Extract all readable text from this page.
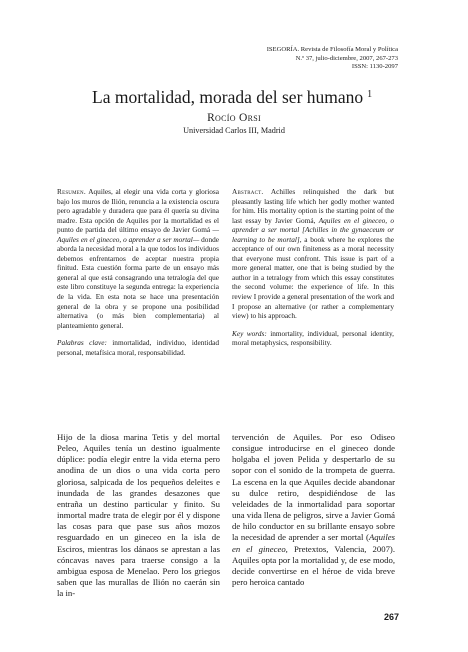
ISEGORÍA. Revista de Filosofía Moral y Política
N.º 37, julio-diciembre, 2007, 267-273
ISSN: 1130-2097
La mortalidad, morada del ser humano $^1$
Rocío Orsi
Universidad Carlos III, Madrid
Resumen. Aquiles, al elegir una vida corta y gloriosa bajo los muros de Ilión, renuncia a la existencia oscura pero agradable y duradera que para él quería su divina madre. Esta opción de Aquiles por la mortalidad es el punto de partida del último ensayo de Javier Gomá —Aquiles en el gineceo, o aprender a ser mortal— donde aborda la necesidad moral a la que todos los individuos debemos enfrentarnos de aceptar nuestra propia finitud. Esta cuestión forma parte de un ensayo más general al que está consagrando una tetralogía del que este libro constituye la segunda entrega: la experiencia de la vida. En esta nota se hace una presentación general de la obra y se propone una posibilidad alternativa (o más bien complementaria) al planteamiento general.
Palabras clave: inmortalidad, individuo, identidad personal, metafísica moral, responsabilidad.
Abstract. Achilles relinquished the dark but pleasantly lasting life which her godly mother wanted for him. His mortality option is the starting point of the last essay by Javier Gomá, Aquiles en el gineceo, o aprender a ser mortal [Achilles in the gynaeceum or learning to be mortal], a book where he explores the acceptance of our own finiteness as a moral necessity that everyone must confront. This issue is part of a more general matter, one that is being studied by the author in a tetralogy from which this essay constitutes the second volume: the experience of life. In this review I provide a general presentation of the work and I propose an alternative (or rather a complementary view) to his approach.
Key words: inmortality, individual, personal identity, moral metaphysics, responsibility.
Hijo de la diosa marina Tetis y del mortal Peleo, Aquiles tenía un destino igualmente dúplice: podía elegir entre la vida eterna pero anodina de un dios o una vida corta pero gloriosa, salpicada de los pequeños deleites e inundada de las grandes desazones que entraña un destino particular y finito. Su inmortal madre trata de elegir por él y dispone las cosas para que pase sus años mozos resguardado en un gineceo en la isla de Esciros, mientras los dánaos se aprestan a las cóncavas naves para traerse consigo a la ambigua esposa de Menelao. Pero los griegos saben que las murallas de Ilión no caerán sin la in-
tervención de Aquiles. Por eso Odiseo consigue introducirse en el gineceo donde holgaba el joven Pelida y despertarlo de su sopor con el sonido de la trompeta de guerra. La escena en la que Aquiles decide abandonar su dulce retiro, despidiéndose de las veleidades de la inmortalidad para soportar una vida llena de peligros, sirve a Javier Gomá de hilo conductor en su brillante ensayo sobre la necesidad de aprender a ser mortal (Aquiles en el gineceo, Pretextos, Valencia, 2007). Aquiles opta por la mortalidad y, de ese modo, decide convertirse en el héroe de vida breve pero heroica cantado
267
